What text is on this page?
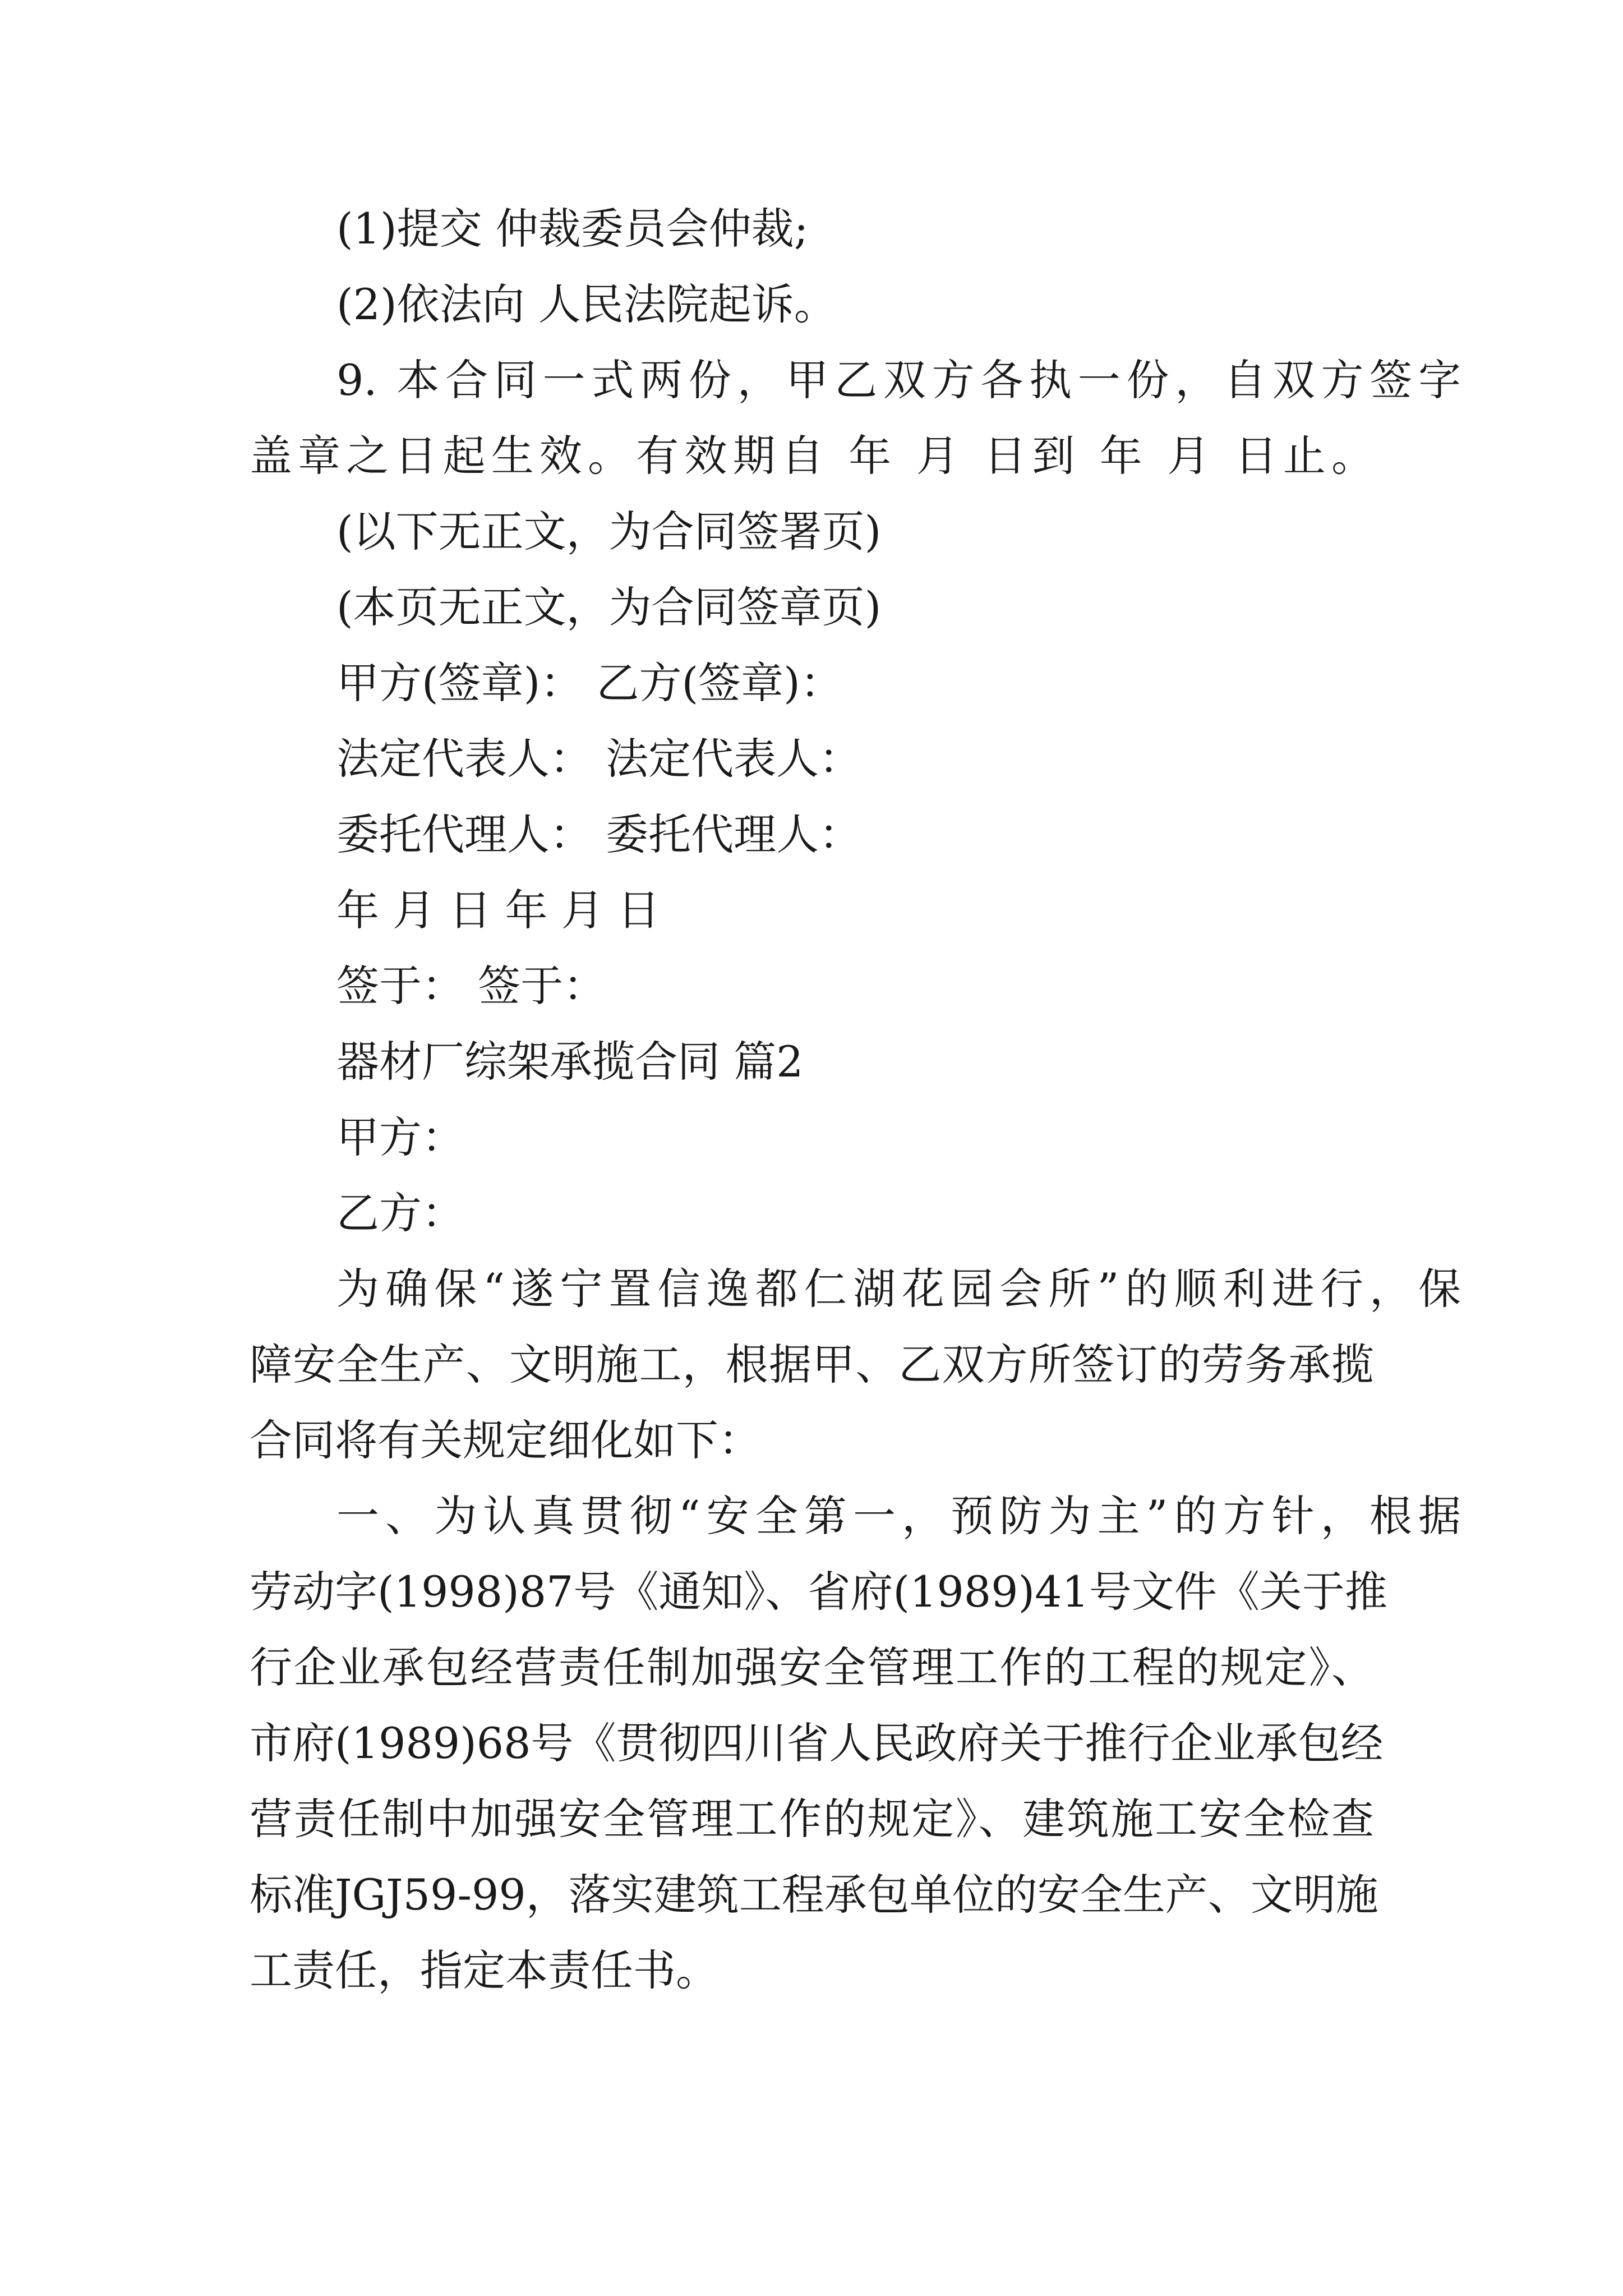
(1)提交 仲裁委员会仲裁;

(2)依法向 人民法院起诉。

9. 本合同一式两份，甲乙双方各执一份，自双方签字

盖章之日起生效。有效期自 年 月 日到 年 月 日止。

(以下无正文，为合同签署页)

(本页无正文，为合同签章页)

甲方(签章)： 乙方(签章)：

法定代表人： 法定代表人：

委托代理人： 委托代理人：

年 月 日 年 月 日

签于： 签于：

器材厂综架承揽合同 篇2

甲方：

乙方：

为确保“遂宁置信逸都仁湖花园会所”的顺利进行，保

障安全生产、文明施工，根据甲、乙双方所签订的劳务承揽

合同将有关规定细化如下：

一、为认真贯彻“安全第一，预防为主”的方针，根据

劳动字(1998)87号《通知》、省府(1989)41号文件《关于推

行企业承包经营责任制加强安全管理工作的工程的规定》、

市府(1989)68号《贯彻四川省人民政府关于推行企业承包经

营责任制中加强安全管理工作的规定》、建筑施工安全检查

标准JGJ59-99，落实建筑工程承包单位的安全生产、文明施

工责任，指定本责任书。
